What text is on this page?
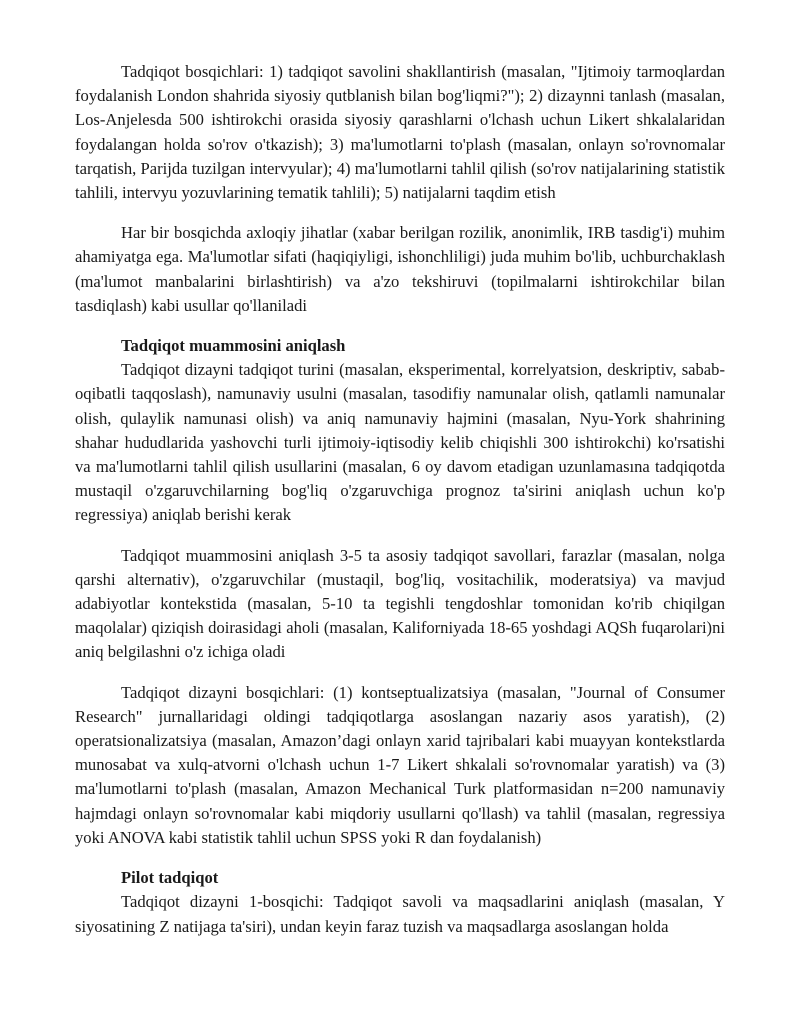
Tadqiqot bosqichlari: 1) tadqiqot savolini shakllantirish (masalan, "Ijtimoiy tarmoqlardan foydalanish London shahrida siyosiy qutblanish bilan bog'liqmi?"); 2) dizaynni tanlash (masalan, Los-Anjelesda 500 ishtirokchi orasida siyosiy qarashlarni o'lchash uchun Likert shkalalaridan foydalangan holda so'rov o'tkazish); 3) ma'lumotlarni to'plash (masalan, onlayn so'rovnomalar tarqatish, Parijda tuzilgan intervyular); 4) ma'lumotlarni tahlil qilish (so'rov natijalarining statistik tahlili, intervyu yozuvlarining tematik tahlili); 5) natijalarni taqdim etish

Har bir bosqichda axloqiy jihatlar (xabar berilgan rozilik, anonimlik, IRB tasdig'i) muhim ahamiyatga ega. Ma'lumotlar sifati (haqiqiyligi, ishonchliligi) juda muhim bo'lib, uchburchaklash (ma'lumot manbalarini birlashtirish) va a'zo tekshiruvi (topilmalarni ishtirokchilar bilan tasdiqlash) kabi usullar qo'llaniladi

Tadqiqot muammosini aniqlash

Tadqiqot dizayni tadqiqot turini (masalan, eksperimental, korrelyatsion, deskriptiv, sabab-oqibatli taqqoslash), namunaviy usulni (masalan, tasodifiy namunalar olish, qatlamli namunalar olish, qulaylik namunasi olish) va aniq namunaviy hajmini (masalan, Nyu-York shahrining shahar hududlarida yashovchi turli ijtimoiy-iqtisodiy kelib chiqishli 300 ishtirokchi) ko'rsatishi va ma'lumotlarni tahlil qilish usullarini (masalan, 6 oy davom etadigan uzunlamasına tadqiqotda mustaqil o'zgaruvchilarning bog'liq o'zgaruvchiga prognoz ta'sirini aniqlash uchun ko'p regressiya) aniqlab berishi kerak

Tadqiqot muammosini aniqlash 3-5 ta asosiy tadqiqot savollari, farazlar (masalan, nolga qarshi alternativ), o'zgaruvchilar (mustaqil, bog'liq, vositachilik, moderatsiya) va mavjud adabiyotlar kontekstida (masalan, 5-10 ta tegishli tengdoshlar tomonidan ko'rib chiqilgan maqolalar) qiziqish doirasidagi aholi (masalan, Kaliforniyada 18-65 yoshdagi AQSh fuqarolari)ni aniq belgilashni o'z ichiga oladi

Tadqiqot dizayni bosqichlari: (1) kontseptualizatsiya (masalan, "Journal of Consumer Research" jurnallaridagi oldingi tadqiqotlarga asoslangan nazariy asos yaratish), (2) operatsionalizatsiya (masalan, Amazon’dagi onlayn xarid tajribalari kabi muayyan kontekstlarda munosabat va xulq-atvorni o'lchash uchun 1-7 Likert shkalali so'rovnomalar yaratish) va (3) ma'lumotlarni to'plash (masalan, Amazon Mechanical Turk platformasidan n=200 namunaviy hajmdagi onlayn so'rovnomalar kabi miqdoriy usullarni qo'llash) va tahlil (masalan, regressiya yoki ANOVA kabi statistik tahlil uchun SPSS yoki R dan foydalanish)

Pilot tadqiqot

Tadqiqot dizayni 1-bosqichi: Tadqiqot savoli va maqsadlarini aniqlash (masalan, Y siyosatining Z natijaga ta'siri), undan keyin faraz tuzish va maqsadlarga asoslangan holda
